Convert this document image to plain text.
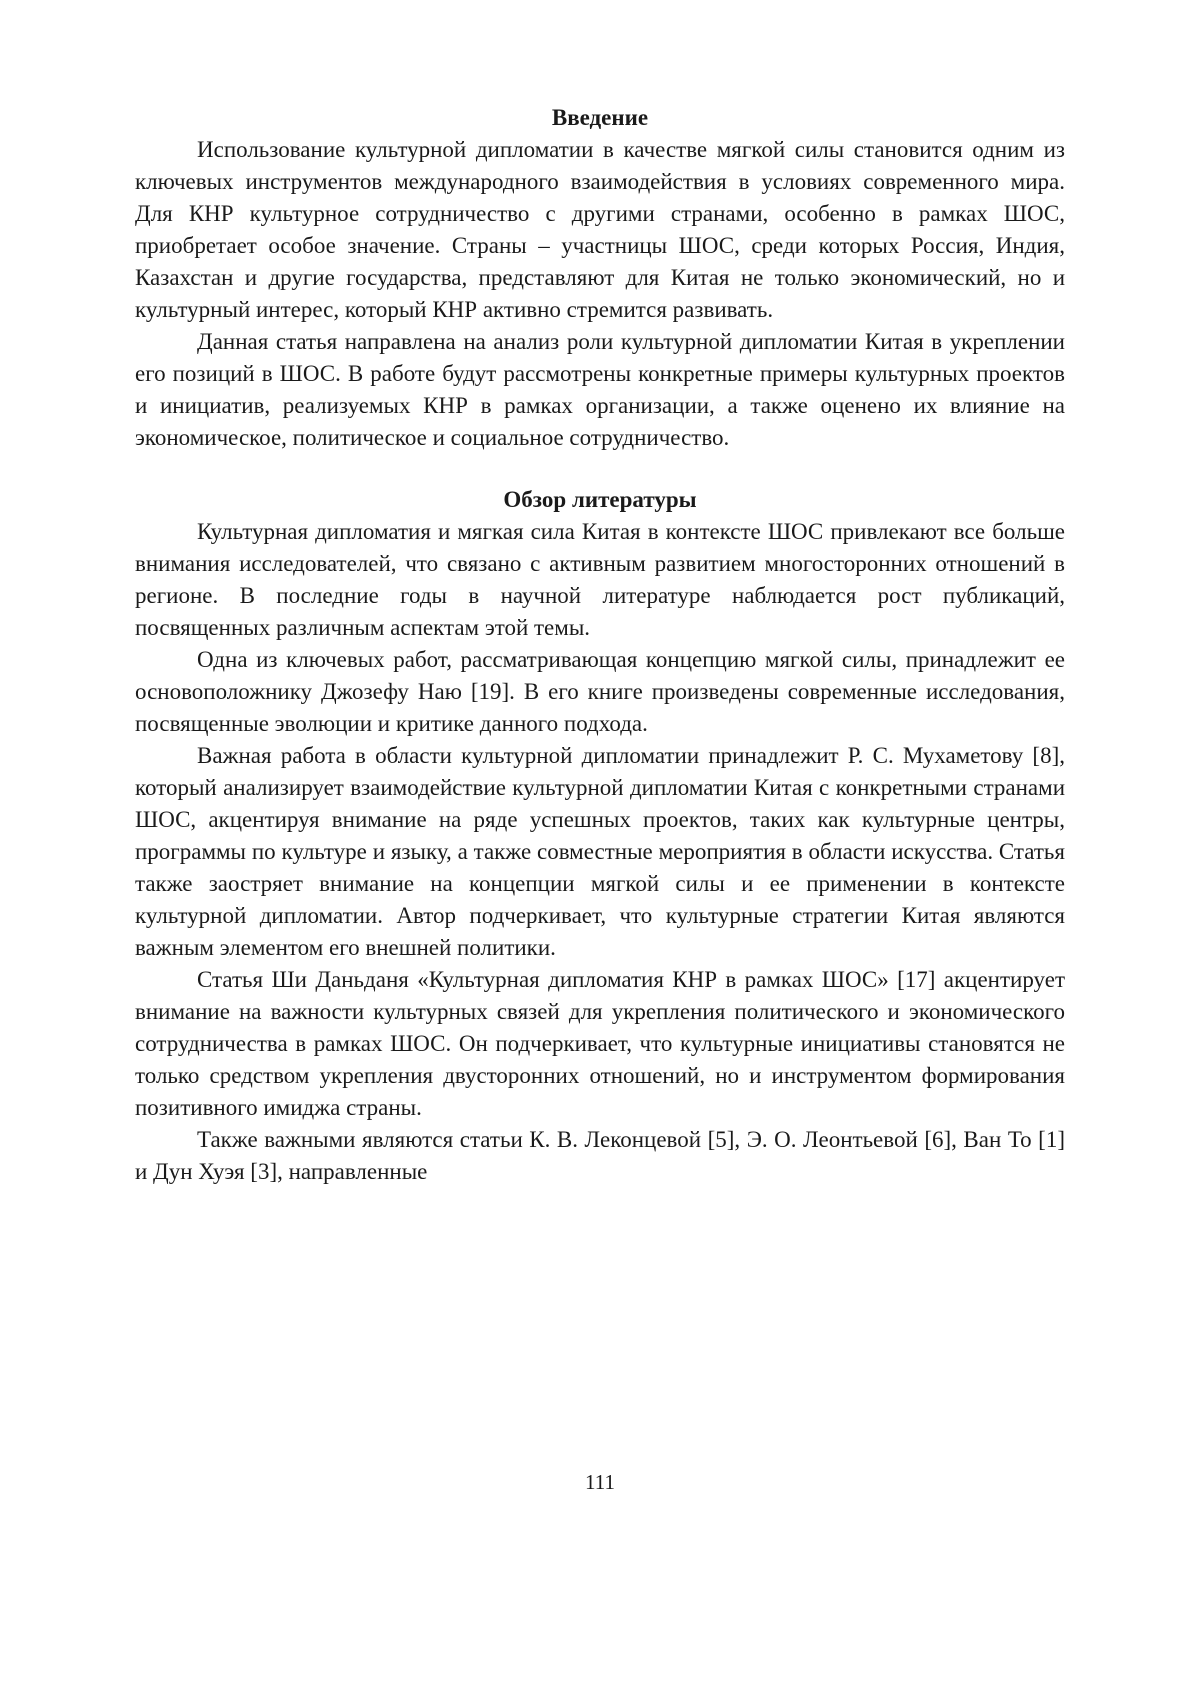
Введение

Использование культурной дипломатии в качестве мягкой силы становится одним из ключевых инструментов международного взаимодействия в условиях современного мира. Для КНР культурное сотрудничество с другими странами, особенно в рамках ШОС, приобретает особое значение. Страны – участницы ШОС, среди которых Россия, Индия, Казахстан и другие государства, представляют для Китая не только экономический, но и культурный интерес, который КНР активно стремится развивать.

Данная статья направлена на анализ роли культурной дипломатии Китая в укреплении его позиций в ШОС. В работе будут рассмотрены конкретные примеры культурных проектов и инициатив, реализуемых КНР в рамках организации, а также оценено их влияние на экономическое, политическое и социальное сотрудничество.

Обзор литературы

Культурная дипломатия и мягкая сила Китая в контексте ШОС привлекают все больше внимания исследователей, что связано с активным развитием многосторонних отношений в регионе. В последние годы в научной литературе наблюдается рост публикаций, посвященных различным аспектам этой темы.

Одна из ключевых работ, рассматривающая концепцию мягкой силы, принадлежит ее основоположнику Джозефу Наю [19]. В его книге произведены современные исследования, посвященные эволюции и критике данного подхода.

Важная работа в области культурной дипломатии принадлежит Р. С. Мухаметову [8], который анализирует взаимодействие культурной дипломатии Китая с конкретными странами ШОС, акцентируя внимание на ряде успешных проектов, таких как культурные центры, программы по культуре и языку, а также совместные мероприятия в области искусства. Статья также заостряет внимание на концепции мягкой силы и ее применении в контексте культурной дипломатии. Автор подчеркивает, что культурные стратегии Китая являются важным элементом его внешней политики.

Статья Ши Даньданя «Культурная дипломатия КНР в рамках ШОС» [17] акцентирует внимание на важности культурных связей для укрепления политического и экономического сотрудничества в рамках ШОС. Он подчеркивает, что культурные инициативы становятся не только средством укрепления двусторонних отношений, но и инструментом формирования позитивного имиджа страны.

Также важными являются статьи К. В. Леконцевой [5], Э. О. Леонтьевой [6], Ван То [1] и Дун Хуэя [3], направленные

111
